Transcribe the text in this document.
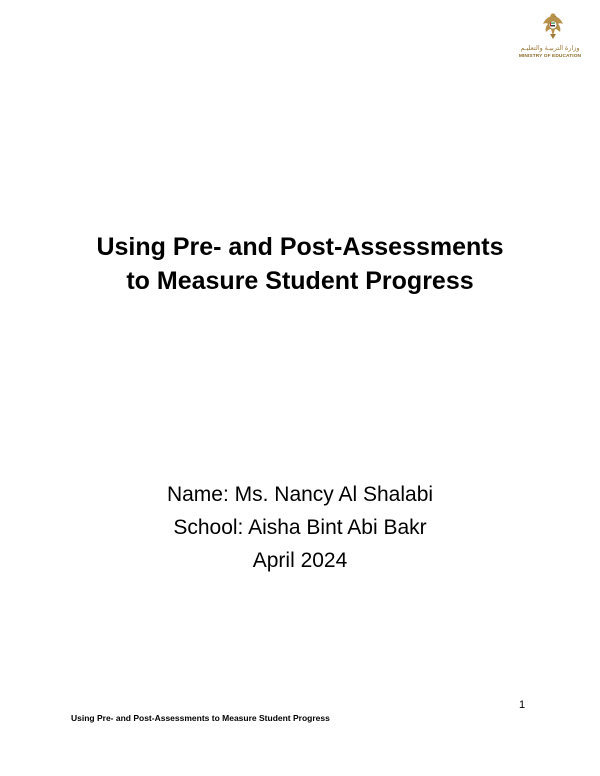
وزارة التربيـة والتعليـم
MINISTRY OF EDUCATION
Using Pre- and Post-Assessments
to Measure Student Progress
Name: Ms. Nancy Al Shalabi
School: Aisha Bint Abi Bakr
April 2024
1
Using Pre- and Post-Assessments to Measure Student Progress
